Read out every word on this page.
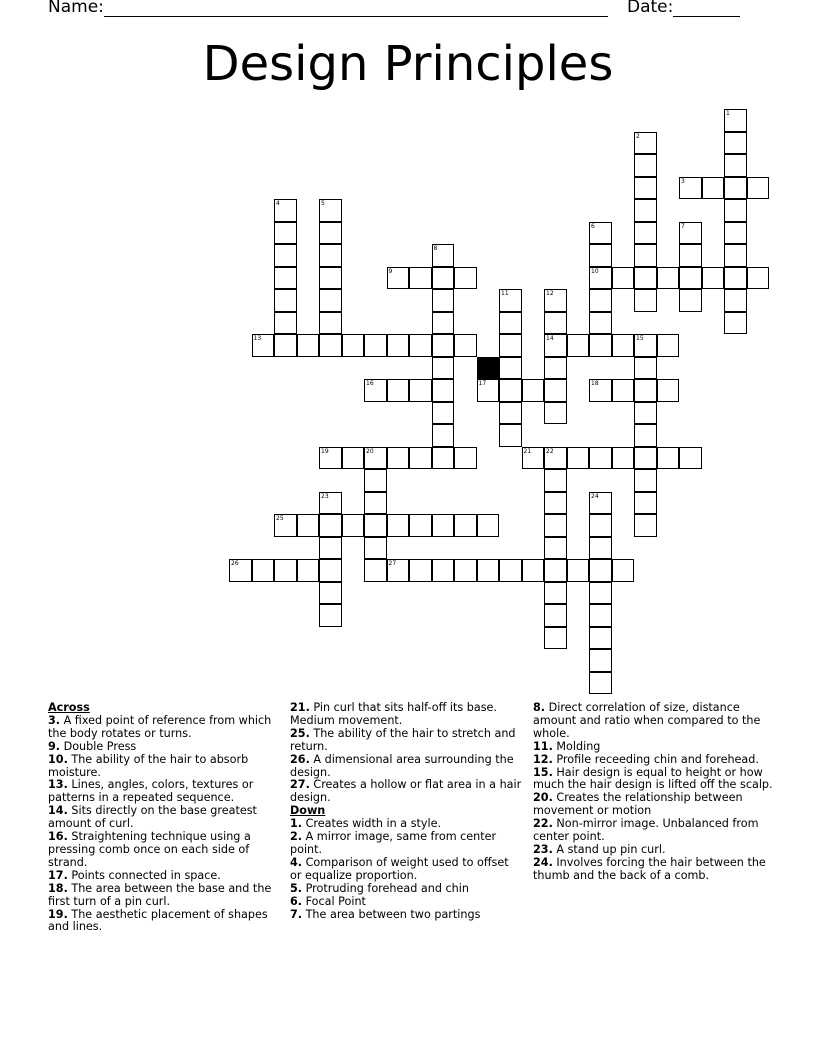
Name:	Date:
Design Principles
1
2
3
4	5
6
10
7
8
9
11	12
14
13	15
16	17	18
19	20	21 22
23	24
25
26	27

Across

3. A fixed point of reference from which the body rotates or turns.

9. Double Press

10. The ability of the hair to absorb moisture.

13. Lines, angles, colors, textures or patterns in a repeated sequence.

14. Sits directly on the base greatest amount of curl.

16. Straightening technique using a pressing comb once on each side of strand.

17. Points connected in space.

18. The area between the base and the first turn of a pin curl.

19. The aesthetic placement of shapes and lines.

21. Pin curl that sits half-off its base. Medium movement.

25. The ability of the hair to stretch and return.

26. A dimensional area surrounding the design.

27. Creates a hollow or flat area in a hair design.

Down

1. Creates width in a style.

2. A mirror image, same from center point.

4. Comparison of weight used to offset or equalize proportion.

5. Protruding forehead and chin

6. Focal Point

7. The area between two partings

8. Direct correlation of size, distance amount and ratio when compared to the whole.

11. Molding

12. Profile receeding chin and forehead.

15. Hair design is equal to height or how much the hair design is lifted off the scalp.

20. Creates the relationship between movement or motion

22. Non-mirror image. Unbalanced from center point.

23. A stand up pin curl.

24. Involves forcing the hair between the thumb and the back of a comb.
